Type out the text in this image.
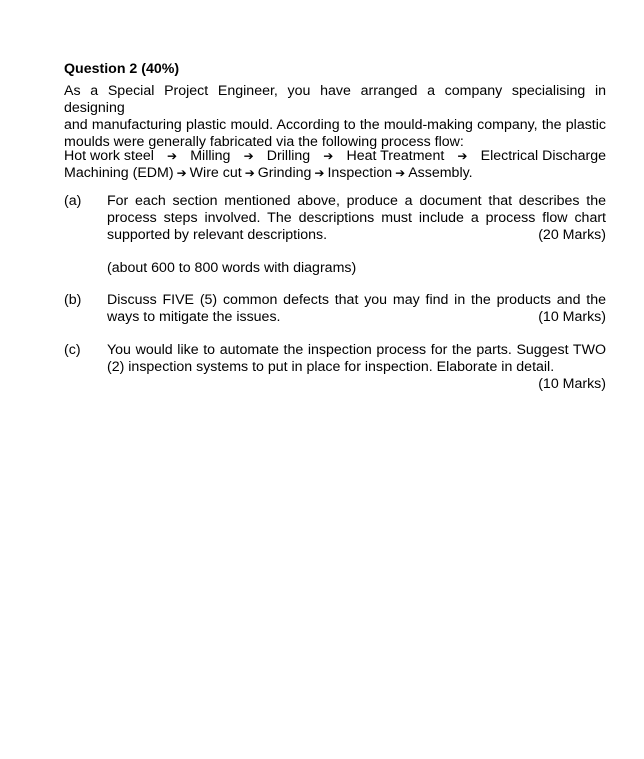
Question 2 (40%)
As a Special Project Engineer, you have arranged a company specialising in designing
and manufacturing plastic mould. According to the mould-making company, the plastic
moulds were generally fabricated via the following process flow:
Hot work steel ➔ Milling ➔ Drilling ➔ Heat Treatment ➔ Electrical Discharge
Machining (EDM) ➔ Wire cut ➔ Grinding ➔ Inspection ➔ Assembly.
(a)	For each section mentioned above, produce a document that describes the
process steps involved. The descriptions must include a process flow chart
supported by relevant descriptions.	(20 Marks)
(about 600 to 800 words with diagrams)
(b)	Discuss FIVE (5) common defects that you may find in the products and the
ways to mitigate the issues.	(10 Marks)
(c)	You would like to automate the inspection process for the parts. Suggest TWO
(2) inspection systems to put in place for inspection. Elaborate in detail.
(10 Marks)
